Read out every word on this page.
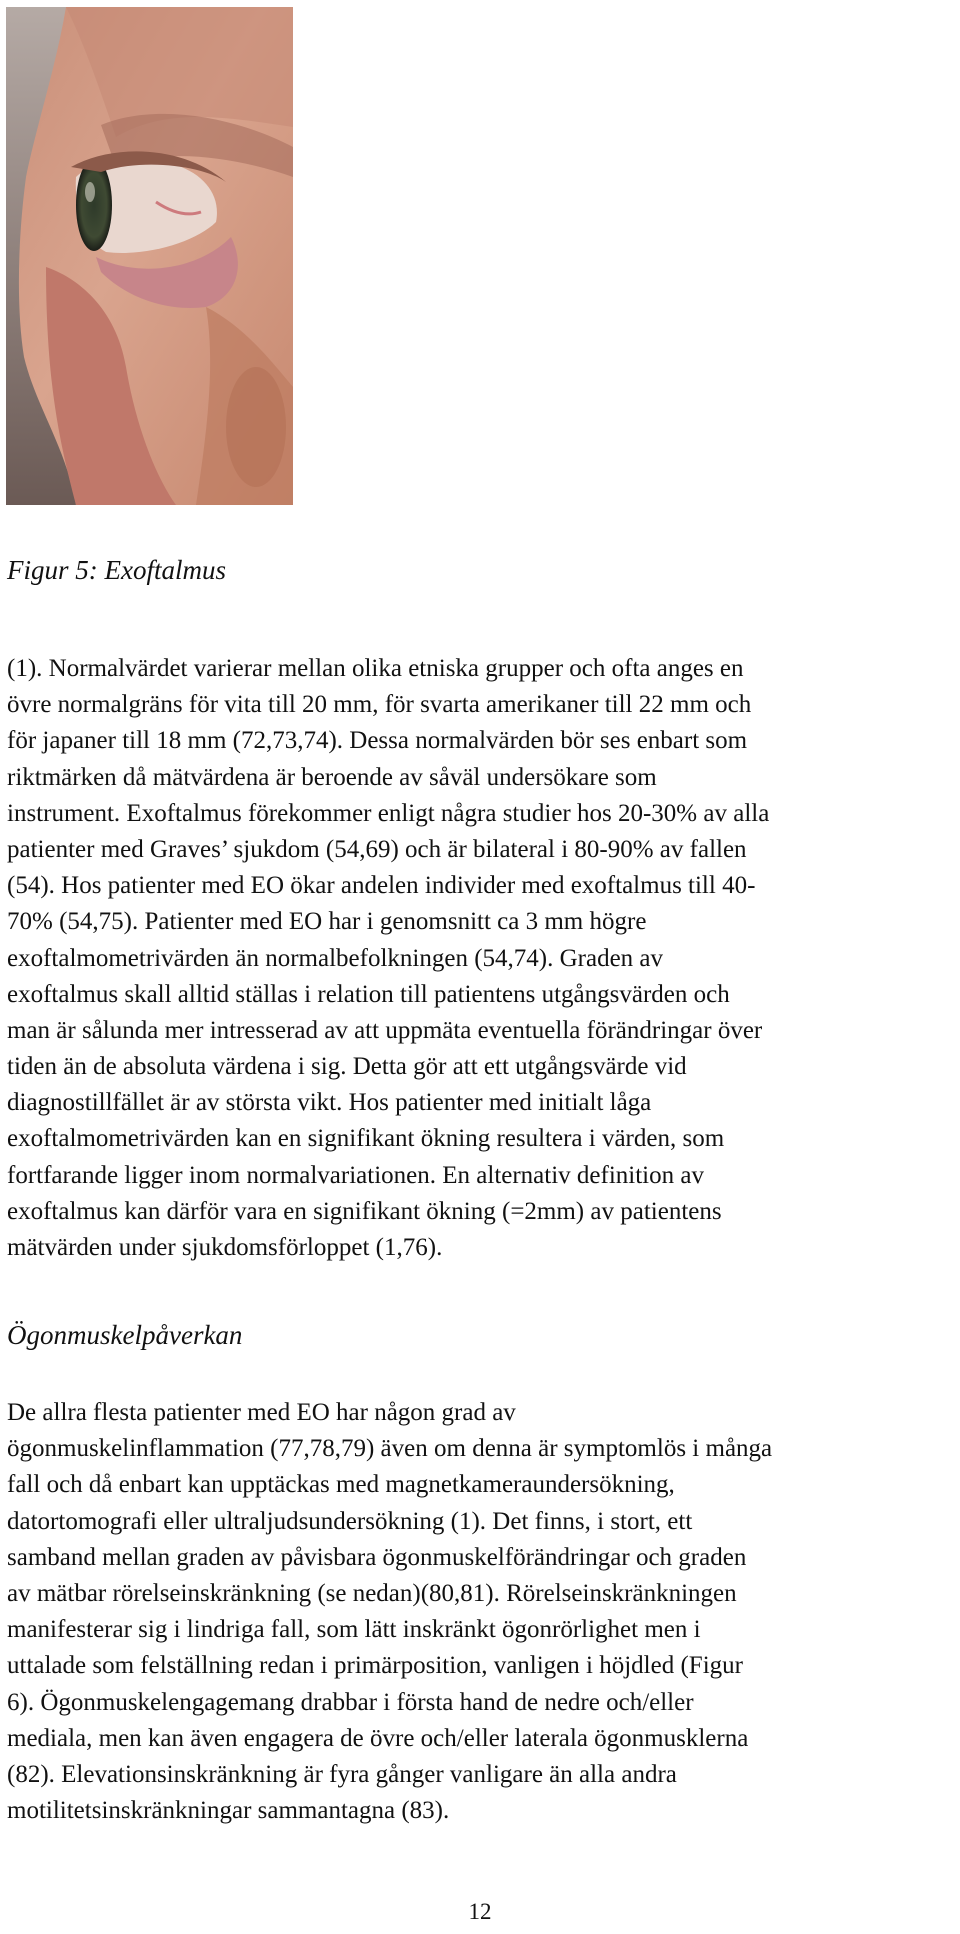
Figur 5: Exoftalmus

(1). Normalvärdet varierar mellan olika etniska grupper och ofta anges en
övre normalgräns för vita till 20 mm, för svarta amerikaner till 22 mm och
för japaner till 18 mm (72,73,74). Dessa normalvärden bör ses enbart som
riktmärken då mätvärdena är beroende av såväl undersökare som
instrument. Exoftalmus förekommer enligt några studier hos 20-30% av alla
patienter med Graves’ sjukdom (54,69) och är bilateral i 80-90% av fallen
(54). Hos patienter med EO ökar andelen individer med exoftalmus till 40-
70% (54,75). Patienter med EO har i genomsnitt ca 3 mm högre
exoftalmometrivärden än normalbefolkningen (54,74). Graden av
exoftalmus skall alltid ställas i relation till patientens utgångsvärden och
man är sålunda mer intresserad av att uppmäta eventuella förändringar över
tiden än de absoluta värdena i sig. Detta gör att ett utgångsvärde vid
diagnostillfället är av största vikt. Hos patienter med initialt låga
exoftalmometrivärden kan en signifikant ökning resultera i värden, som
fortfarande ligger inom normalvariationen. En alternativ definition av
exoftalmus kan därför vara en signifikant ökning (=2mm) av patientens
mätvärden under sjukdomsförloppet (1,76).
Ögonmuskelpåverkan
De allra flesta patienter med EO har någon grad av
ögonmuskelinflammation (77,78,79) även om denna är symptomlös i många
fall och då enbart kan upptäckas med magnetkameraundersökning,
datortomografi eller ultraljudsundersökning (1). Det finns, i stort, ett
samband mellan graden av påvisbara ögonmuskelförändringar och graden
av mätbar rörelseinskränkning (se nedan)(80,81). Rörelseinskränkningen
manifesterar sig i lindriga fall, som lätt inskränkt ögonrörlighet men i
uttalade som felställning redan i primärposition, vanligen i höjdled (Figur
6). Ögonmuskelengagemang drabbar i första hand de nedre och/eller
mediala, men kan även engagera de övre och/eller laterala ögonmusklerna
(82). Elevationsinskränkning är fyra gånger vanligare än alla andra
motilitetsinskränkningar sammantagna (83).
12
